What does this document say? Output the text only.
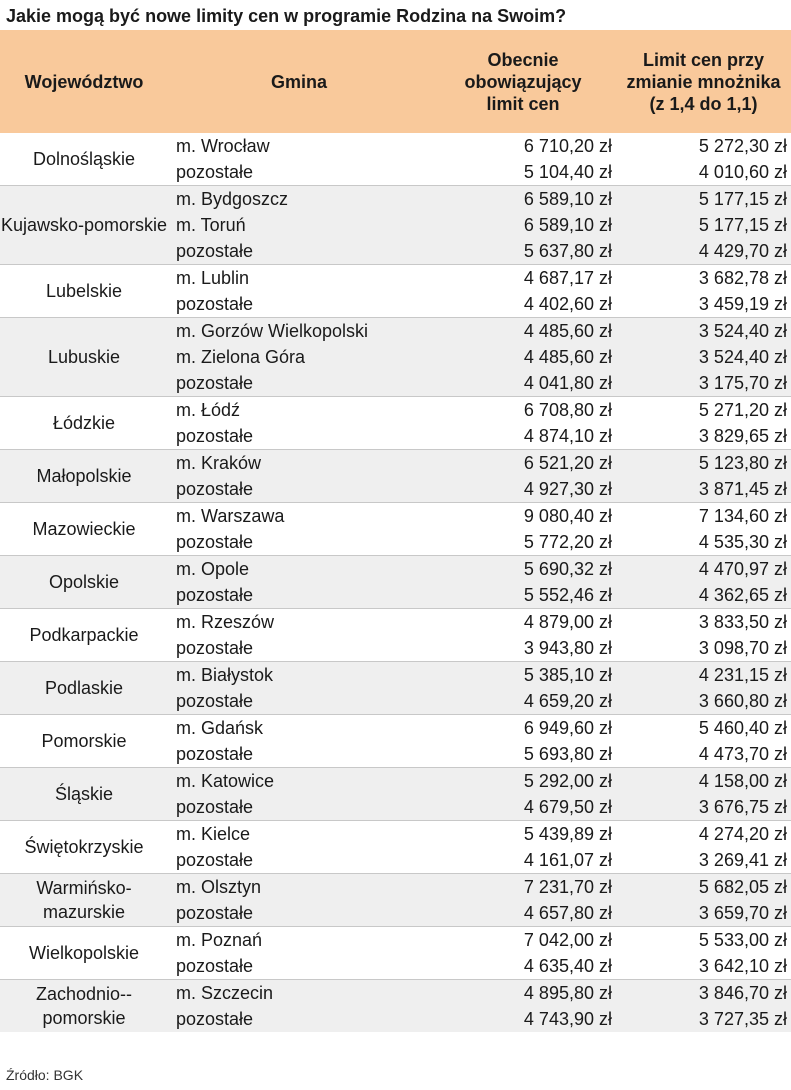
Jakie mogą być nowe limity cen w programie Rodzina na Swoim?
Województwo	Gmina	Obecnie obowiązujący limit cen	Limit cen przy zmianie mnożnika (z 1,4 do 1,1)
Dolnośląskie	m. Wrocław	6 710,20 zł	5 272,30 zł
	pozostałe	5 104,40 zł	4 010,60 zł
Kujawsko-pomorskie	m. Bydgoszcz	6 589,10 zł	5 177,15 zł
	m. Toruń	6 589,10 zł	5 177,15 zł
	pozostałe	5 637,80 zł	4 429,70 zł
Lubelskie	m. Lublin	4 687,17 zł	3 682,78 zł
	pozostałe	4 402,60 zł	3 459,19 zł
Lubuskie	m. Gorzów Wielkopolski	4 485,60 zł	3 524,40 zł
	m. Zielona Góra	4 485,60 zł	3 524,40 zł
	pozostałe	4 041,80 zł	3 175,70 zł
Łódzkie	m. Łódź	6 708,80 zł	5 271,20 zł
	pozostałe	4 874,10 zł	3 829,65 zł
Małopolskie	m. Kraków	6 521,20 zł	5 123,80 zł
	pozostałe	4 927,30 zł	3 871,45 zł
Mazowieckie	m. Warszawa	9 080,40 zł	7 134,60 zł
	pozostałe	5 772,20 zł	4 535,30 zł
Opolskie	m. Opole	5 690,32 zł	4 470,97 zł
	pozostałe	5 552,46 zł	4 362,65 zł
Podkarpackie	m. Rzeszów	4 879,00 zł	3 833,50 zł
	pozostałe	3 943,80 zł	3 098,70 zł
Podlaskie	m. Białystok	5 385,10 zł	4 231,15 zł
	pozostałe	4 659,20 zł	3 660,80 zł
Pomorskie	m. Gdańsk	6 949,60 zł	5 460,40 zł
	pozostałe	5 693,80 zł	4 473,70 zł
Śląskie	m. Katowice	5 292,00 zł	4 158,00 zł
	pozostałe	4 679,50 zł	3 676,75 zł
Świętokrzyskie	m. Kielce	5 439,89 zł	4 274,20 zł
	pozostałe	4 161,07 zł	3 269,41 zł
Warmińsko-mazurskie	m. Olsztyn	7 231,70 zł	5 682,05 zł
	pozostałe	4 657,80 zł	3 659,70 zł
Wielkopolskie	m. Poznań	7 042,00 zł	5 533,00 zł
	pozostałe	4 635,40 zł	3 642,10 zł
Zachodnio--pomorskie	m. Szczecin	4 895,80 zł	3 846,70 zł
	pozostałe	4 743,90 zł	3 727,35 zł
Źródło: BGK
